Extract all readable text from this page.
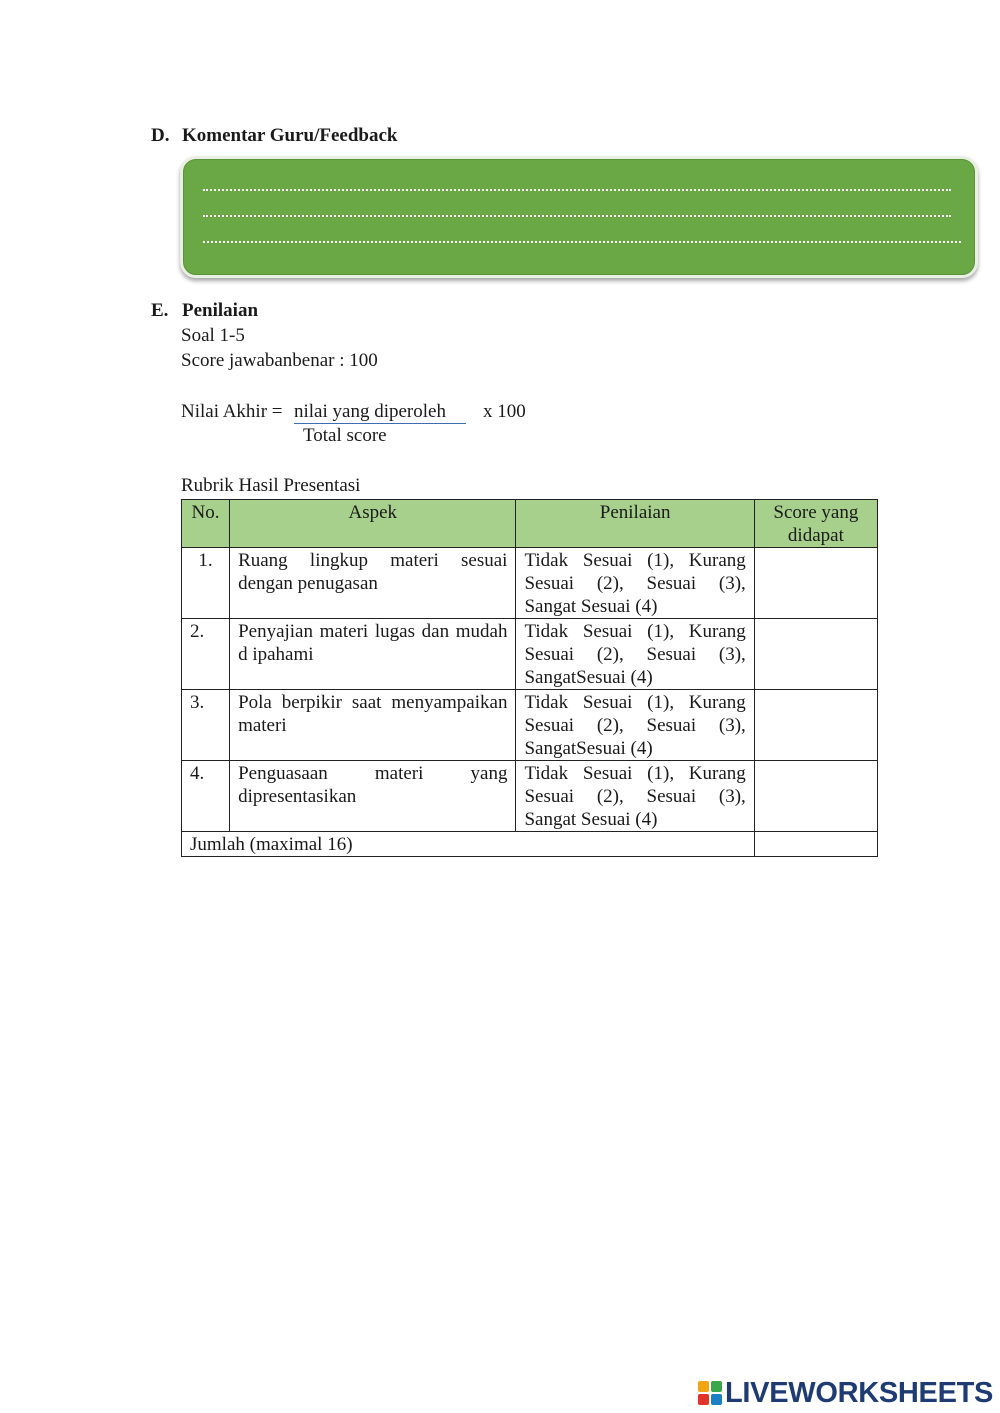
D. Komentar Guru/Feedback
E. Penilaian
Soal 1-5
Score jawabanbenar : 100
Nilai Akhir = nilai yang diperoleh x 100
Total score
Rubrik Hasil Presentasi
No.	Aspek	Penilaian	Score yang didapat
1.	Ruang lingkup materi sesuai dengan penugasan	Tidak Sesuai (1), Kurang Sesuai (2), Sesuai (3), Sangat Sesuai (4)	
2.	Penyajian materi lugas dan mudah d ipahami	Tidak Sesuai (1), Kurang Sesuai (2), Sesuai (3), SangatSesuai (4)	
3.	Pola berpikir saat menyampaikan materi	Tidak Sesuai (1), Kurang Sesuai (2), Sesuai (3), SangatSesuai (4)	
4.	Penguasaan materi yang dipresentasikan	Tidak Sesuai (1), Kurang Sesuai (2), Sesuai (3), Sangat Sesuai (4)	
Jumlah (maximal 16)			
LIVEWORKSHEETS
